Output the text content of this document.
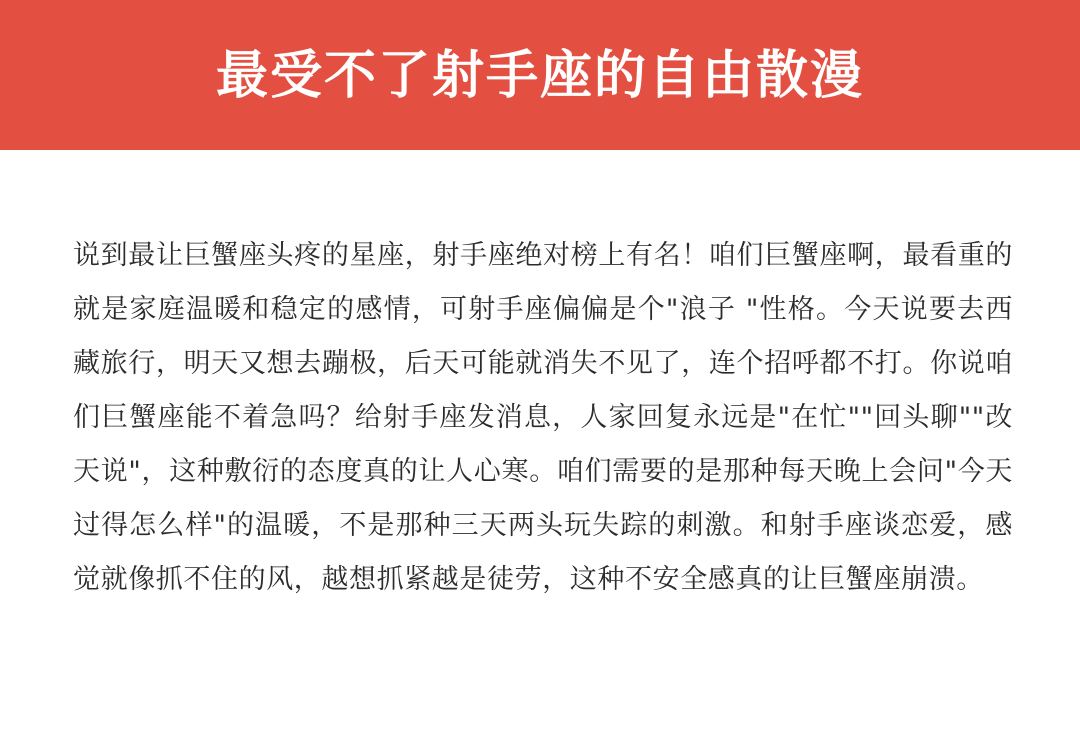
最受不了射手座的自由散漫

说到最让巨蟹座头疼的星座，射手座绝对榜上有名！咱们巨蟹座啊，最看重的就是家庭温暖和稳定的感情，可射手座偏偏是个"浪子 "性格。今天说要去西藏旅行，明天又想去蹦极，后天可能就消失不见了，连个招呼都不打。你说咱们巨蟹座能不着急吗？给射手座发消息，人家回复永远是"在忙""回头聊""改天说"，这种敷衍的态度真的让人心寒。咱们需要的是那种每天晚上会问"今天 过得怎么样"的温暖，不是那种三天两头玩失踪的刺激。和射手座谈恋爱，感觉就像抓不住的风，越想抓紧越是徒劳，这种不安全感真的让巨蟹座崩溃。
